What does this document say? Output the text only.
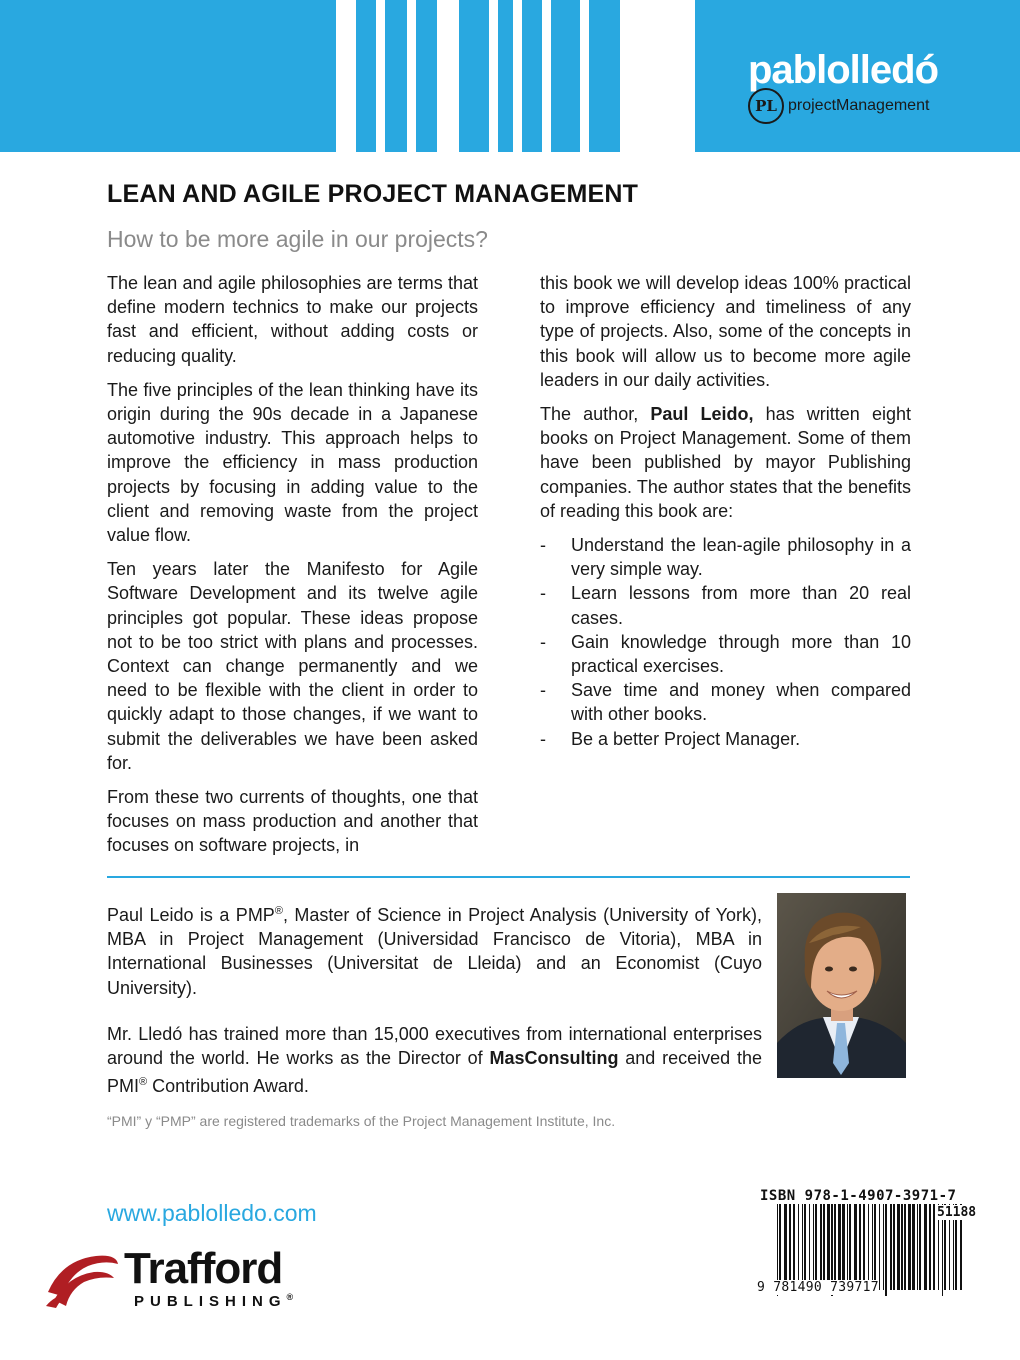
pablolledó
PL projectManagement
LEAN AND AGILE PROJECT MANAGEMENT
How to be more agile in our projects?

The lean and agile philosophies are terms that define modern technics to make our projects fast and efficient, without adding costs or reducing quality.

The five principles of the lean thinking have its origin during the 90s decade in a Japanese automotive industry. This approach helps to improve the efficiency in mass production projects by focusing in adding value to the client and removing waste from the project value flow.

Ten years later the Manifesto for Agile Software Development and its twelve agile principles got popular. These ideas propose not to be too strict with plans and processes. Context can change permanently and we need to be flexible with the client in order to quickly adapt to those changes, if we want to submit the deliverables we have been asked for.

From these two currents of thoughts, one that focuses on mass production and another that focuses on software projects, in

this book we will develop ideas 100% practical to improve efficiency and timeliness of any type of projects. Also, some of the concepts in this book will allow us to become more agile leaders in our daily activities.

The author, Paul Leido, has written eight books on Project Management. Some of them have been published by mayor Publishing companies. The author states that the benefits of reading this book are:

- Understand the lean-agile philosophy in a very simple way.
- Learn lessons from more than 20 real cases.
- Gain knowledge through more than 10 practical exercises.
- Save time and money when compared with other books.
- Be a better Project Manager.

Paul Leido is a PMP®, Master of Science in Project Analysis (University of York), MBA in Project Management (Universidad Francisco de Vitoria), MBA in International Businesses (Universitat de Lleida) and an Economist (Cuyo University).

Mr. Lledó has trained more than 15,000 executives from international enterprises around the world. He works as the Director of MasConsulting and received the PMI® Contribution Award.

“PMI” y “PMP” are registered trademarks of the Project Management Institute, Inc.
www.pablolledo.com
Trafford
PUBLISHING®
ISBN 978-1-4907-3971-7
51188
9 781490 739717
